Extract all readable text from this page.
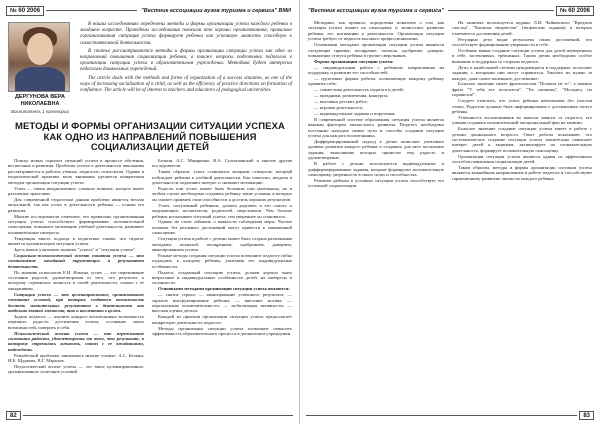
№ 60 2006	"Вестник ассоциации вузов туризма и сервиса" ВМИ
ДЕРГУНОВА ВЕРА НИКОЛАЕВНА
Воспитатель 1 категории

В наших исследованиях определены методы и формы организации успеха каждого ребенка в младшем возрасте. Проведены исследования показали что хорошо организованная, правильно сорганизованная ситуация успеха формирует ребенка как успешную личность способную к самостоятельной деятельности.

В статье рассматриваются методы и формы организации ситуации успеха как одно из направлений повышения социализации ребенка, а также вопросы подготовки педагогов к организации ситуации успеха в образовательном учреждении. Методика будет интересна педагогам дошкольных учреждений.

The article deals with the methods and forms of organization of a success situation, as one of the ways of increasing socialization of a child, as well as the efficiency of practice directions on formation of confidence. The article will be of interest to teachers and educators of pedagogical universities.

МЕТОДЫ И ФОРМЫ ОРГАНИЗАЦИИ СИТУАЦИИ УСПЕХА КАК ОДНО ИЗ НАПРАВЛЕНИЙ ПОВЫШЕНИЯ СОЦИАЛИЗАЦИИ ДЕТЕЙ

Поиску новых скрытых ситуаций успеха в процессе обучения, воспитания и развития. Проблема успеха в деятельности школьника рассматривается в работах ученых, педагогов, психологов. Однако в педагогической практике мало внимания уделяется конкретным методам организации ситуации успеха.

Успех — очень неоднозначное, сложное понятие, которое имеет различные трактовки.

Для современной педагогики данная проблема является весьма актуальной, так как успех в деятельности ребенка — основа его развития.

Многие исследователи отмечают, что правильно организованная ситуация успеха способствует формированию положительной самооценки, повышает мотивацию учебной деятельности, развивает познавательные интересы.

Тенденция такого подхода в педагогике такова, что педагог является организатором ситуации успеха.

Здесь важно учитывать понятие "успеха" и "ситуации успеха".

Социально-психологический аспект понятия успеха — это соотношение ожиданий окружающих и результатов деятельности.

По мнению психологов Е.И. Ильина, успех — это переживание состояния радости, удовлетворения от того, что результат, к которому стремилась личность в своей деятельности, совпал с ее ожиданиями.

Ситуация успеха — это целенаправленное, организованное сочетание условий, при которых создается возможность достичь значительных результатов в деятельности как отдельно взятой личности, так и коллектива в целом.

Задача педагога — научить каждого воспитанника возможность пережить радость достижения успеха, осознание своих возможностей, поверить в себя.

Психологический аспект успеха — это переживание состояния радости, удовлетворения от того, что результат, к которому стремилась личность, совпал с ее ожиданиями, надеждами.

Разработкой проблемы занимались многие ученые: А.С. Белкин, Н.Е. Щуркова, В.Г. Маралов.

Педагогический аспект успеха — это такое целенаправленное, организованное сочетание условий.

Белкин, А.С. Макаренко, В.А. Сухомлинский и многие другие исследователи.

Таким образом, успех становится мощным стимулом, который побуждает ребенка к учебной деятельности. Как известно, неудачи в деятельности подавляют интерес и снижают мотивацию.

Радость или успех может быть большим или маленьким, но в любом случае необходимо создавать ребенку такие условия, в которых он сможет проявить свои способности и достичь хороших результатов.

Успех, полученный ребенком, должен радовать и его самого и окружающих: воспитателя, родителей, сверстников. Чем больше ребенок испытывает ситуаций успеха, тем увереннее он становится.

Однако не стоит забывать о важности соблюдения меры. Частые похвалы без реальных достижений могут привести к завышенной самооценке.

Ситуация успеха в работе с детьми может быть создана различными методами: похвалой, поощрением, одобрением, доверием, авансированием успеха.

Разные методы создания ситуации успеха позволяют педагогу гибко подходить к каждому ребенку, учитывая его индивидуальные особенности.

Педагог, создающий ситуацию успеха, должен хорошо знать возрастные и индивидуальные особенности детей, их интересы и склонности.

Основными методами организации ситуации успеха являются:

— снятие страха; — авансирование успешного результата; — скрытое инструктирование ребенка; — внесение мотива; — персональная исключительность; — мобилизация активности; — высокая оценка детали.

Каждый из приемов организации ситуации успеха предполагает конкретную деятельность педагога.

Методы организации ситуации успеха позволяют повысить эффективность образовательного процесса в дошкольном учреждении.

82
"Вестник ассоциации вузов туризма и сервиса"	№ 60 2006

Методики, как правило, определены понятием о том, как ситуация успеха влияет на самооценку и личностное развитие ребенка, его мотивацию к деятельности. Организация ситуации успеха требует от педагога высокого профессионализма.

Основными методами организации ситуации успеха являются следующие приемы: поощрение, похвала, одобрение, доверие, повышение статуса ребенка в группе сверстников.

Формы организации ситуации успеха:

— индивидуальная работа с ребенком, направленная на поддержку и развитие его способностей;

— групповые формы работы, позволяющие каждому ребенку проявить себя;

— совместная деятельность педагога и детей;

— праздники, развлечения, конкурсы;

— выставки детских работ;

— игровая деятельность;

— индивидуальные задания и поручения.

В современной системе образования ситуация успеха является важным фактором личностного развития. Педагогу необходимо постоянно находить новые пути и способы создания ситуации успеха для каждого воспитанника.

Дифференцированный подход к детям позволяет учитывать уровень развития каждого ребенка и создавать для него посильные задания, выполнение которых приносит ему радость и удовлетворение.

В работе с детьми используются индивидуальные и дифференцированные задания, которые формируют положительную самооценку, уверенность в своих силах и способностях.

Развитие ребенка в условиях ситуации успеха способствует его успешной социализации.

На занятиях используется журнал Л.И. Чайковского "Кредиты счастья", "Копилка творчества" (творческие задания), в которых отмечаются достижения детей.

Регулярно дети видят результаты своих достижений, что способствует формированию уверенности в себе.

Особенно важно создание ситуации успеха для детей неуверенных в себе, застенчивых, тревожных. Таким детям необходимо особое внимание и поддержка со стороны педагога.

Дети, в наибольшей степени нуждающиеся в поддержке, получают задания, с которыми они могут справиться. Хвалить их нужно за каждое, даже самое маленькое, достижение.

Большое значение имеет фразеологизм "Похвала не то", а именно фраза "У тебя все получится", "Ты сможешь", "Молодец, ты справился!".

Следует отметить, что успех ребенка невозможен без участия семьи. Родители должны быть информированы о достижениях своего ребенка.

Успешность воспитанников во многом зависит от педагога, его умения создавать положительный эмоциональный фон на занятии.

Большое значение создание ситуации успеха имеет в работе с детьми дошкольного возраста. Опыт работы показывает, что систематическое создание ситуации успеха значительно повышает интерес детей к занятиям, активизирует их познавательную деятельность, формирует положительную самооценку.

Организация ситуации успеха является одним из эффективных способов повышения социализации детей.

Таким образом, методы и формы организации ситуации успеха являются важнейшим направлением в работе педагога и способствуют гармоничному развитию личности каждого ребенка.

83
